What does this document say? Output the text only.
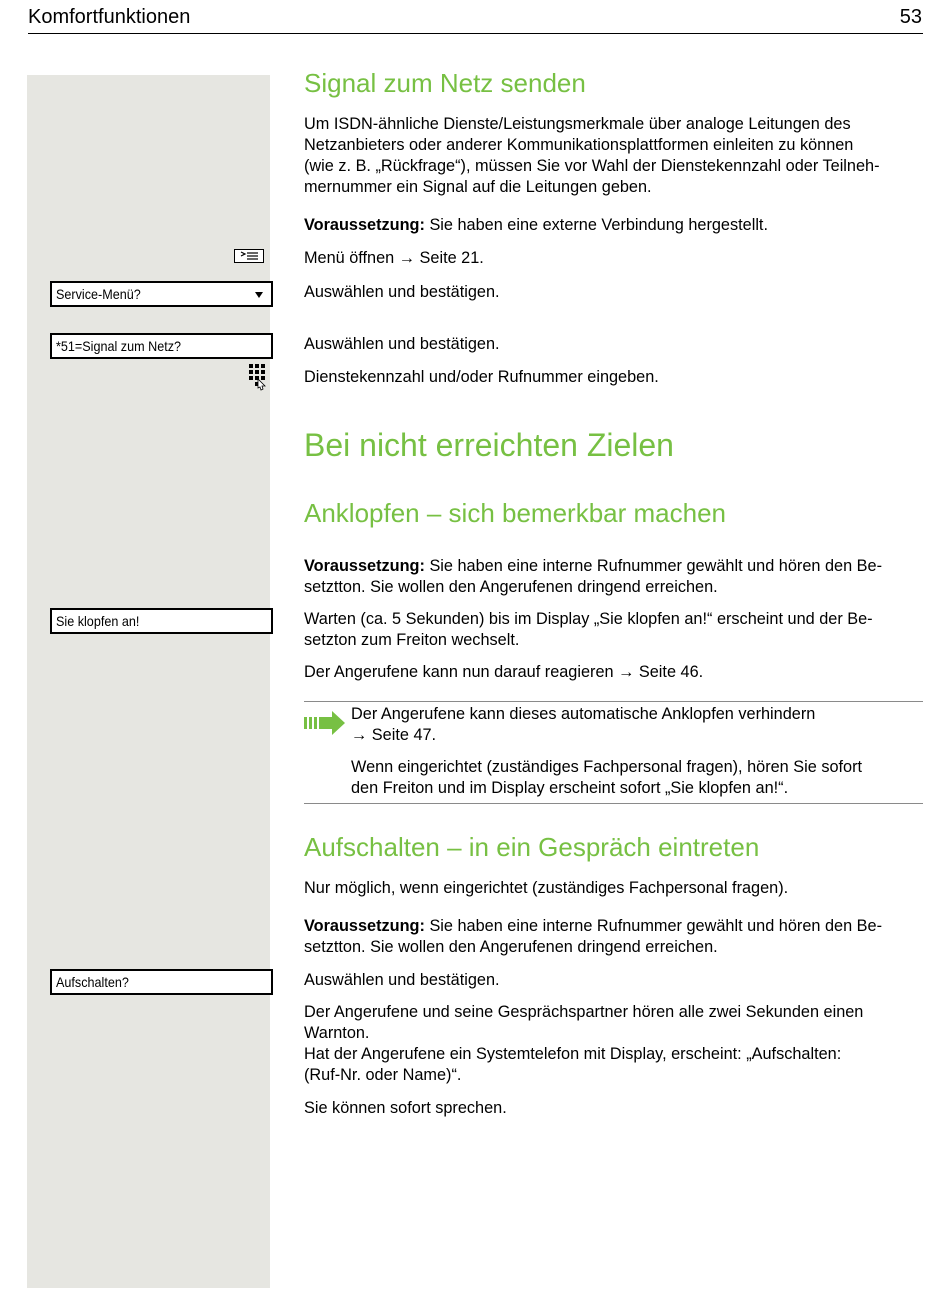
Komfortfunktionen	53
Signal zum Netz senden
Um ISDN-ähnliche Dienste/Leistungsmerkmale über analoge Leitungen des
Netzanbieters oder anderer Kommunikationsplattformen einleiten zu können
(wie z. B. „Rückfrage“), müssen Sie vor Wahl der Dienstekennzahl oder Teilneh-
mernummer ein Signal auf die Leitungen geben.
Voraussetzung: Sie haben eine externe Verbindung hergestellt.
Menü öffnen → Seite 21.
Service-Menü?	Auswählen und bestätigen.
*51=Signal zum Netz?	Auswählen und bestätigen.
Dienstekennzahl und/oder Rufnummer eingeben.
Bei nicht erreichten Zielen
Anklopfen – sich bemerkbar machen
Voraussetzung: Sie haben eine interne Rufnummer gewählt und hören den Be-
setztton. Sie wollen den Angerufenen dringend erreichen.
Sie klopfen an!	Warten (ca. 5 Sekunden) bis im Display „Sie klopfen an!“ erscheint und der Be-
setzton zum Freiton wechselt.
Der Angerufene kann nun darauf reagieren → Seite 46.
Der Angerufene kann dieses automatische Anklopfen verhindern
→ Seite 47.
Wenn eingerichtet (zuständiges Fachpersonal fragen), hören Sie sofort
den Freiton und im Display erscheint sofort „Sie klopfen an!“.
Aufschalten – in ein Gespräch eintreten
Nur möglich, wenn eingerichtet (zuständiges Fachpersonal fragen).
Voraussetzung: Sie haben eine interne Rufnummer gewählt und hören den Be-
setztton. Sie wollen den Angerufenen dringend erreichen.
Aufschalten?	Auswählen und bestätigen.
Der Angerufene und seine Gesprächspartner hören alle zwei Sekunden einen
Warnton.
Hat der Angerufene ein Systemtelefon mit Display, erscheint: „Aufschalten:
(Ruf-Nr. oder Name)“.
Sie können sofort sprechen.
